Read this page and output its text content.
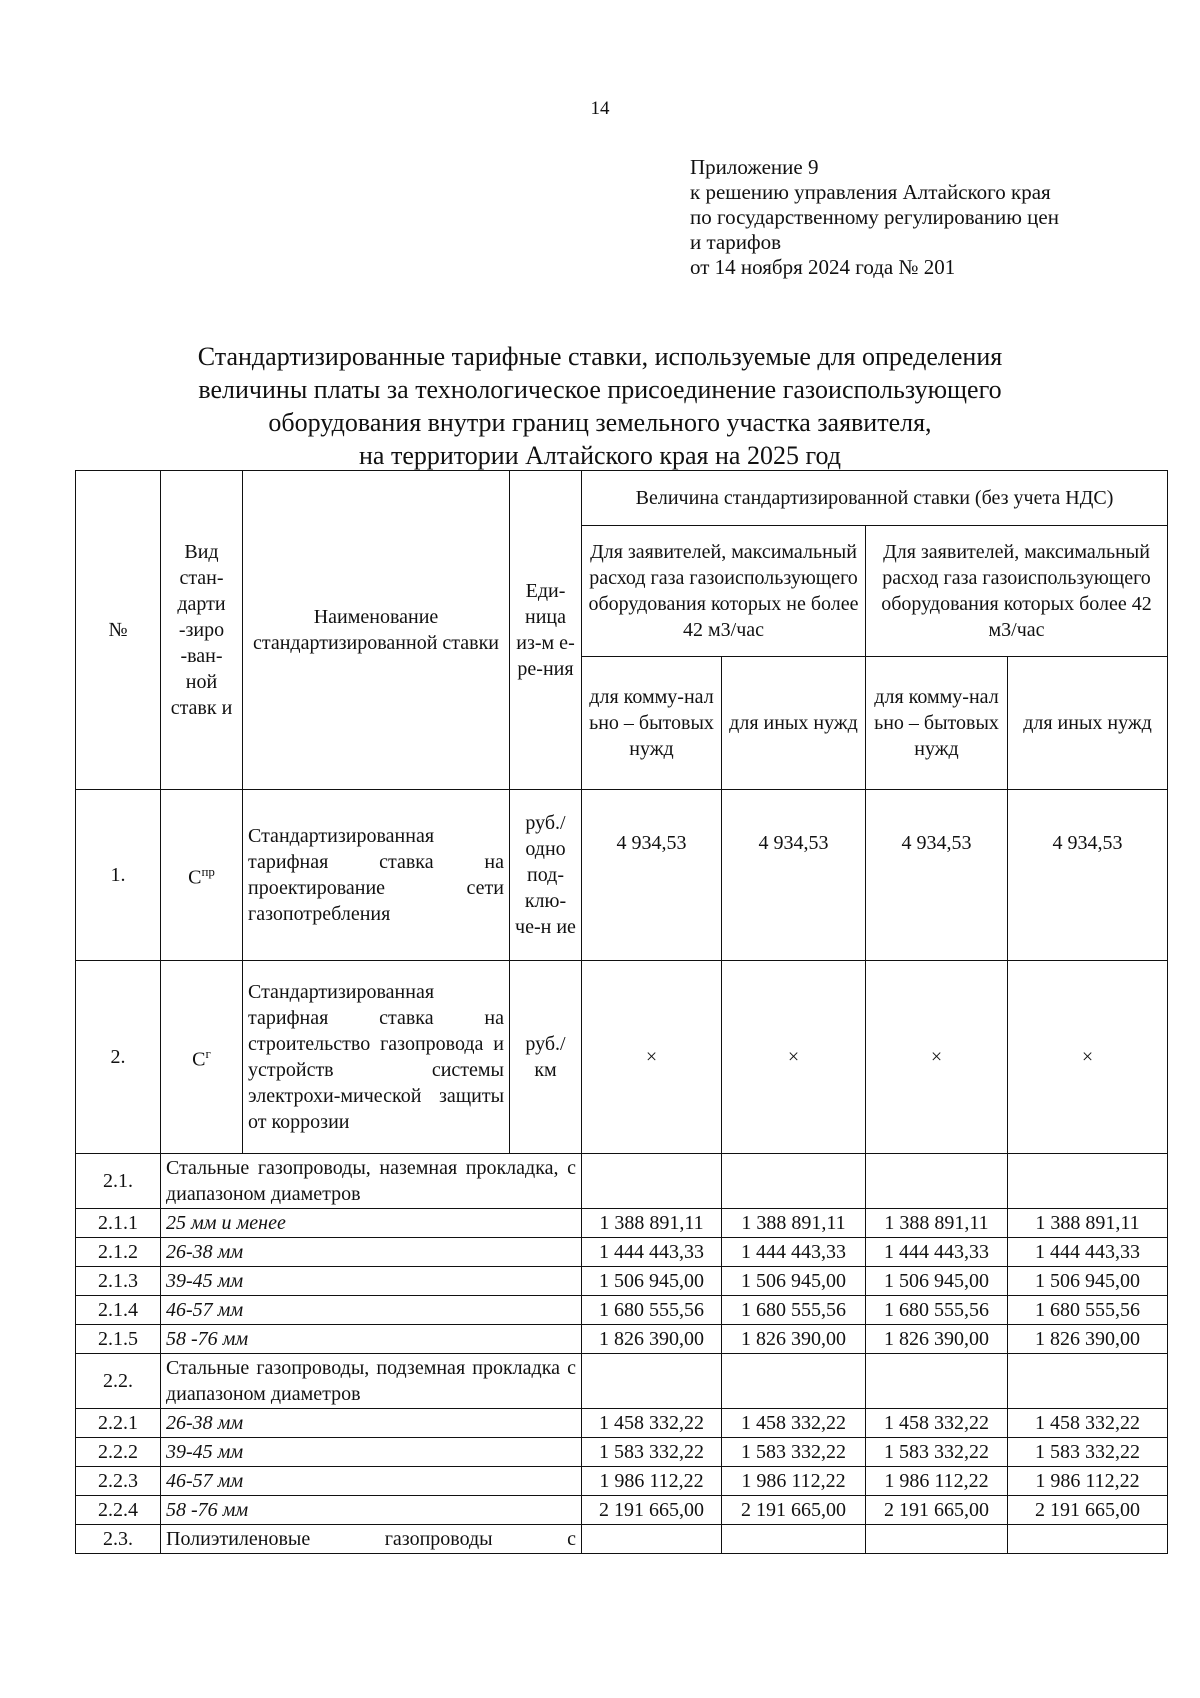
14
Приложение 9
к решению управления Алтайского края
по государственному регулированию цен
и тарифов
от 14 ноября 2024 года № 201
Стандартизированные тарифные ставки, используемые для определения
величины платы за технологическое присоединение газоиспользующего
оборудования внутри границ земельного участка заявителя,
на территории Алтайского края на 2025 год
№	Вид стан-дарти -зиро -ван-ной ставк и	Наименование стандартизированной ставки	Еди-ница из-м е-ре-ния	Величина стандартизированной ставки (без учета НДС)			
				Для заявителей, максимальный расход газа газоиспользующего оборудования которых не более 42 м3/час		Для заявителей, максимальный расход газа газоиспользующего оборудования которых более 42 м3/час	
				для комму-нал ьно – бытовых нужд	для иных нужд	для комму-нал ьно – бытовых нужд	для иных нужд
1.	$С^{пр}$	Стандартизированная тарифная ставка на проектирование сети газопотребления	руб./ одно под-клю-че-н ие	4 934,53	4 934,53	4 934,53	4 934,53
2.	$С^г$	Стандартизированная тарифная ставка на строительство газопровода и устройств системы электрохи-мической защиты от коррозии	руб./ км	×	×	×	×
2.1.	Стальные газопроводы, наземная прокладка, с диапазоном диаметров						
2.1.1	25 мм и менее			1 388 891,11	1 388 891,11	1 388 891,11	1 388 891,11
2.1.2	26-38 мм			1 444 443,33	1 444 443,33	1 444 443,33	1 444 443,33
2.1.3	39-45 мм			1 506 945,00	1 506 945,00	1 506 945,00	1 506 945,00
2.1.4	46-57 мм			1 680 555,56	1 680 555,56	1 680 555,56	1 680 555,56
2.1.5	58 -76 мм			1 826 390,00	1 826 390,00	1 826 390,00	1 826 390,00
2.2.	Стальные газопроводы, подземная прокладка с диапазоном диаметров						
2.2.1	26-38 мм			1 458 332,22	1 458 332,22	1 458 332,22	1 458 332,22
2.2.2	39-45 мм			1 583 332,22	1 583 332,22	1 583 332,22	1 583 332,22
2.2.3	46-57 мм			1 986 112,22	1 986 112,22	1 986 112,22	1 986 112,22
2.2.4	58 -76 мм			2 191 665,00	2 191 665,00	2 191 665,00	2 191 665,00
2.3.	Полиэтиленовые газопроводы с						
